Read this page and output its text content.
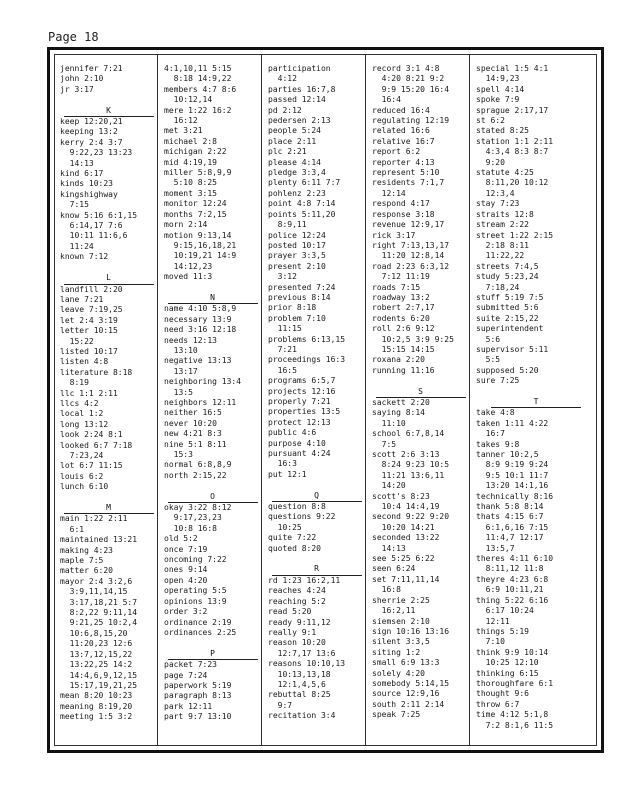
Page 18
jennifer 7:21
john 2:10
jr 3:17
K
keep 12:20,21
keeping 13:2
kerry 2:4 3:7
9:22,23 13:23
14:13
kind 6:17
kinds 10:23
kingshighway
7:15
know 5:16 6:1,15
6:14,17 7:6
10:11 11:6,6
11:24
known 7:12
L
landfill 2:20
lane 7:21
leave 7:19,25
let 2:4 3:19
letter 10:15
15:22
listed 10:17
listen 4:8
literature 8:18
8:19
llc 1:1 2:11
llcs 4:2
local 1:2
long 13:12
look 2:24 8:1
looked 6:7 7:18
7:23,24
lot 6:7 11:15
louis 6:2
lunch 6:10
M
main 1:22 2:11
6:1
maintained 13:21
making 4:23
maple 7:5
matter 6:20
mayor 2:4 3:2,6
3:9,11,14,15
3:17,18,21 5:7
8:2,22 9:11,14
9:21,25 10:2,4
10:6,8,15,20
11:20,23 12:6
13:7,12,15,22
13:22,25 14:2
14:4,6,9,12,15
15:17,19,21,25
mean 8:20 10:23
meaning 8:19,20
meeting 1:5 3:2
4:1,10,11 5:15
8:18 14:9,22
members 4:7 8:6
10:12,14
mere 1:22 16:2
16:12
met 3:21
michael 2:8
michigan 2:22
mid 4:19,19
miller 5:8,9,9
5:10 8:25
moment 3:15
monitor 12:24
months 7:2,15
morn 2:14
motion 9:13,14
9:15,16,18,21
10:19,21 14:9
14:12,23
moved 11:3
N
name 4:10 5:8,9
necessary 13:9
need 3:16 12:18
needs 12:13
13:10
negative 13:13
13:17
neighboring 13:4
13:5
neighbors 12:11
neither 16:5
never 10:20
new 4:21 8:3
nine 5:1 8:11
15:3
normal 6:8,8,9
north 2:15,22
O
okay 3:22 8:12
9:17,23,23
10:8 16:8
old 5:2
once 7:19
oncoming 7:22
ones 9:14
open 4:20
operating 5:5
opinions 13:9
order 3:2
ordinance 2:19
ordinances 2:25
P
packet 7:23
page 7:24
paperwork 5:19
paragraph 8:13
park 12:11
part 9:7 13:10
participation
4:12
parties 16:7,8
passed 12:14
pd 2:12
pedersen 2:13
people 5:24
place 2:11
plc 2:21
please 4:14
pledge 3:3,4
plenty 6:11 7:7
pohlenz 2:23
point 4:8 7:14
points 5:11,20
8:9,11
police 12:24
posted 10:17
prayer 3:3,5
present 2:10
3:12
presented 7:24
previous 8:14
prior 8:18
problem 7:10
11:15
problems 6:13,15
7:21
proceedings 16:3
16:5
programs 6:5,7
projects 12:16
properly 7:21
properties 13:5
protect 12:13
public 4:6
purpose 4:10
pursuant 4:24
16:3
put 12:1
Q
question 8:8
questions 9:22
10:25
quite 7:22
quoted 8:20
R
rd 1:23 16:2,11
reaches 4:24
reaching 5:2
read 5:20
ready 9:11,12
really 9:1
reason 10:20
12:7,17 13:6
reasons 10:10,13
10:13,13,18
12:1,4,5,6
rebuttal 8:25
9:7
recitation 3:4
record 3:1 4:8
4:20 8:21 9:2
9:9 15:20 16:4
16:4
reduced 16:4
regulating 12:19
related 16:6
relative 16:7
report 6:2
reporter 4:13
represent 5:10
residents 7:1,7
12:14
respond 4:17
response 3:18
revenue 12:9,17
rick 3:17
right 7:13,13,17
11:20 12:8,14
road 2:23 6:3,12
7:12 11:19
roads 7:15
roadway 13:2
robert 2:7,17
rodents 6:20
roll 2:6 9:12
10:2,5 3:9 9:25
15:15 14:15
roxana 2:20
running 11:16
S
sackett 2:20
saying 8:14
11:10
school 6:7,8,14
7:5
scott 2:6 3:13
8:24 9:23 10:5
11:21 13:6,11
14:20
scott's 8:23
10:4 14:4,19
second 9:22 9:20
10:20 14:21
seconded 13:22
14:13
see 5:25 6:22
seen 6:24
set 7:11,11,14
16:8
sherrie 2:25
16:2,11
siemsen 2:10
sign 10:16 13:16
silent 3:3,5
siting 1:2
small 6:9 13:3
solely 4:20
somebody 5:14,15
source 12:9,16
south 2:11 2:14
speak 7:25
special 1:5 4:1
14:9,23
spell 4:14
spoke 7:9
sprague 2:17,17
st 6:2
stated 8:25
station 1:1 2:11
4:3,4 8:3 8:7
9:20
statute 4:25
8:11,20 10:12
12:3,4
stay 7:23
straits 12:8
stream 2:22
street 1:22 2:15
2:18 8:11
11:22,22
streets 7:4,5
study 5:23,24
7:18,24
stuff 5:19 7:5
submitted 5:6
suite 2:15,22
superintendent
5:6
supervisor 5:11
5:5
supposed 5:20
sure 7:25
T
take 4:8
taken 1:11 4:22
16:7
takes 9:8
tanner 10:2,5
8:9 9:19 9:24
9:5 10:1 11:7
13:20 14:1,16
technically 8:16
thank 5:8 8:14
thats 4:15 6:7
6:1,6,16 7:15
11:4,7 12:17
13:5,7
theres 4:11 6:10
8:11,12 11:8
theyre 4:23 6:8
6:9 10:11,21
thing 5:22 6:16
6:17 10:24
12:11
things 5:19
7:10
think 9:9 10:14
10:25 12:10
thinking 6:15
thoroughfare 6:1
thought 9:6
throw 6:7
time 4:12 5:1,8
7:2 8:1,6 11:5
